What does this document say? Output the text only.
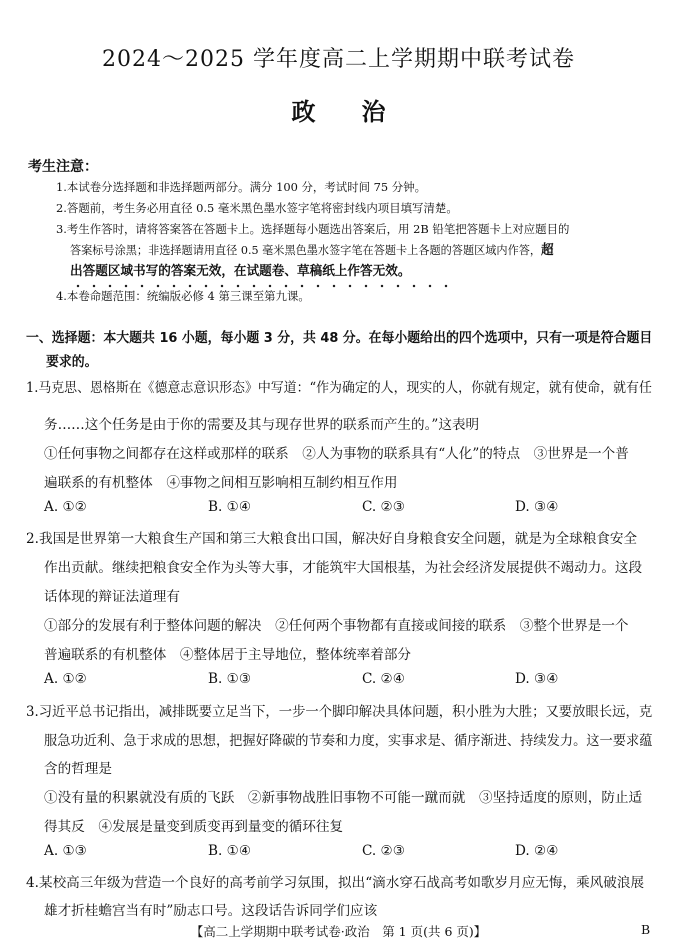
2024～2025 学年度高二上学期期中联考试卷
政治
考生注意：
1.本试卷分选择题和非选择题两部分。满分 100 分，考试时间 75 分钟。
2.答题前，考生务必用直径 0.5 毫米黑色墨水签字笔将密封线内项目填写清楚。
3.考生作答时，请将答案答在答题卡上。选择题每小题选出答案后，用 2B 铅笔把答题卡上对应题目的
答案标号涂黑；非选择题请用直径 0.5 毫米黑色墨水签字笔在答题卡上各题的答题区域内作答，超
出答题区域书写的答案无效，在试题卷、草稿纸上作答无效。
4.本卷命题范围：统编版必修 4 第三课至第九课。
一、选择题：本大题共 16 小题，每小题 3 分，共 48 分。在每小题给出的四个选项中，只有一项是符合题目
要求的。
1.马克思、恩格斯在《德意志意识形态》中写道：“作为确定的人，现实的人，你就有规定，就有使命，就有任
务……这个任务是由于你的需要及其与现存世界的联系而产生的。”这表明
①任何事物之间都存在这样或那样的联系　②人为事物的联系具有“人化”的特点　③世界是一个普
遍联系的有机整体　④事物之间相互影响相互制约相互作用
A. ①②	B. ①④	C. ②③	D. ③④
2.我国是世界第一大粮食生产国和第三大粮食出口国，解决好自身粮食安全问题，就是为全球粮食安全
作出贡献。继续把粮食安全作为头等大事，才能筑牢大国根基，为社会经济发展提供不竭动力。这段
话体现的辩证法道理有
①部分的发展有利于整体问题的解决　②任何两个事物都有直接或间接的联系　③整个世界是一个
普遍联系的有机整体　④整体居于主导地位，整体统率着部分
A. ①②	B. ①③	C. ②④	D. ③④
3.习近平总书记指出，减排既要立足当下，一步一个脚印解决具体问题，积小胜为大胜；又要放眼长远，克
服急功近利、急于求成的思想，把握好降碳的节奏和力度，实事求是、循序渐进、持续发力。这一要求蕴
含的哲理是
①没有量的积累就没有质的飞跃　②新事物战胜旧事物不可能一蹴而就　③坚持适度的原则，防止适
得其反　④发展是量变到质变再到量变的循环往复
A. ①③	B. ①④	C. ②③	D. ②④
4.某校高三年级为营造一个良好的高考前学习氛围，拟出“滴水穿石战高考如歌岁月应无悔，乘风破浪展
雄才折桂蟾宫当有时”励志口号。这段话告诉同学们应该
【高二上学期期中联考试卷·政治　第 1 页(共 6 页)】	B
